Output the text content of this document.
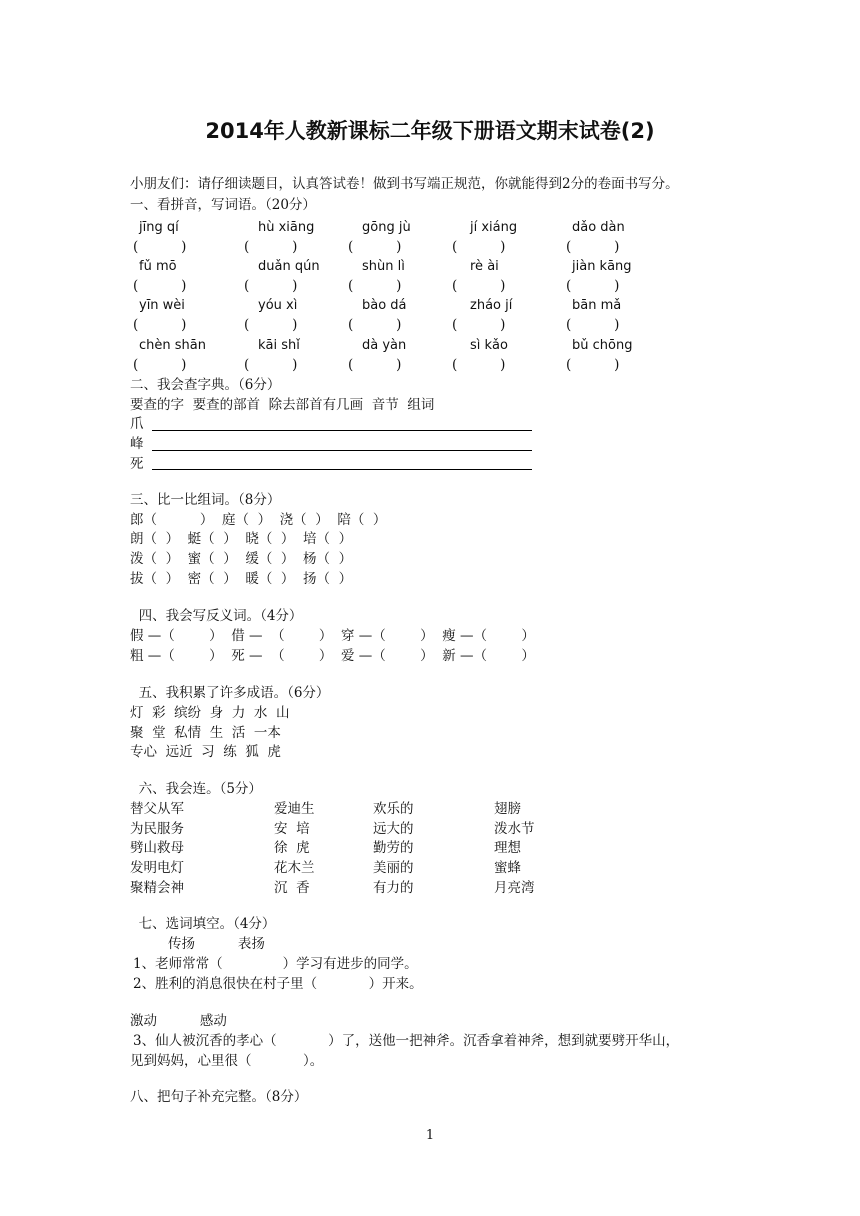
2014年人教新课标二年级下册语文期末试卷(2)
小朋友们：请仔细读题目，认真答试卷！做到书写端正规范，你就能得到2分的卷面书写分。
一、看拼音，写词语。（20分）
jīng qí
(          )
hù xiāng
(          )
gōng jù
(          )
jí xiáng
(          )
dǎo dàn
(          )
fǔ mō
(          )
duǎn qún
(          )
shùn lì
(          )
rè ài
(          )
jiàn kāng
(          )
yīn wèi
(          )
yóu xì
(          )
bào dá
(          )
zháo jí
(          )
bān mǎ
(          )
chèn shān
(          )
kāi shǐ
(          )
dà yàn
(          )
sì kǎo
(          )
bǔ chōng
(          )
二、我会查字典。（6分）
要查的字  要查的部首  除去部首有几画  音节  组词
爪
峰
死
三、比一比组词。（8分）
郎（          ）  庭（  ）  浇（  ）  陪（  ）
朗（  ）  蜓（  ）  晓（  ）  培（  ）
泼（  ）  蜜（  ）  缓（  ）  杨（  ）
拔（  ）  密（  ）  暖（  ）  扬（  ）
四、我会写反义词。（4分）
假 —（        ）  借 —  （        ）  穿 —（        ）  瘦 —（        ）
粗 —（        ）  死 —  （        ）  爱 —（        ）  新 —（        ）
五、我积累了许多成语。（6分）
灯  彩  缤纷  身  力  水  山
聚  堂  私情  生  活  一本
专心  远近  习  练  狐  虎
六、我会连。（5分）
替父从军
为民服务
劈山救母
发明电灯
聚精会神
爱迪生
安  培
徐  虎
花木兰
沉  香
欢乐的
远大的
勤劳的
美丽的
有力的
翅膀
泼水节
理想
蜜蜂
月亮湾
七、选词填空。（4分）
传扬          表扬
1、老师常常（              ）学习有进步的同学。
2、胜利的消息很快在村子里（            ）开来。
激动          感动
3、仙人被沉香的孝心（            ）了，送他一把神斧。沉香拿着神斧，想到就要劈开华山，
见到妈妈，心里很（            ）。
八、把句子补充完整。（8分）
1
